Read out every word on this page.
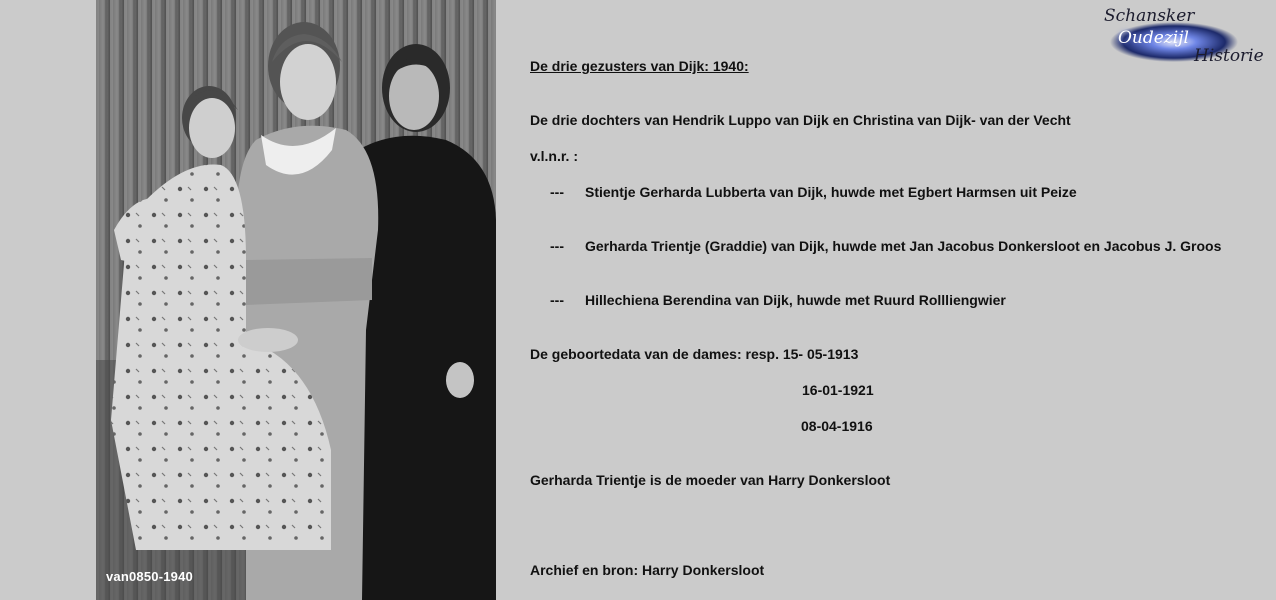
van0850-1940
Schansker
Oudezijl
Historie
De drie gezusters van Dijk: 1940:
De drie dochters van Hendrik Luppo van Dijk en Christina van Dijk- van der Vecht
v.l.n.r. :
--- Stientje Gerharda Lubberta van Dijk, huwde met Egbert Harmsen uit Peize
--- Gerharda Trientje (Graddie) van Dijk, huwde met Jan Jacobus Donkersloot en Jacobus J. Groos
--- Hillechiena Berendina van Dijk, huwde met Ruurd Rollliengwier
De geboortedata van de dames: resp. 15- 05-1913
16-01-1921
08-04-1916
Gerharda Trientje is de moeder van Harry Donkersloot
Archief en bron: Harry Donkersloot
